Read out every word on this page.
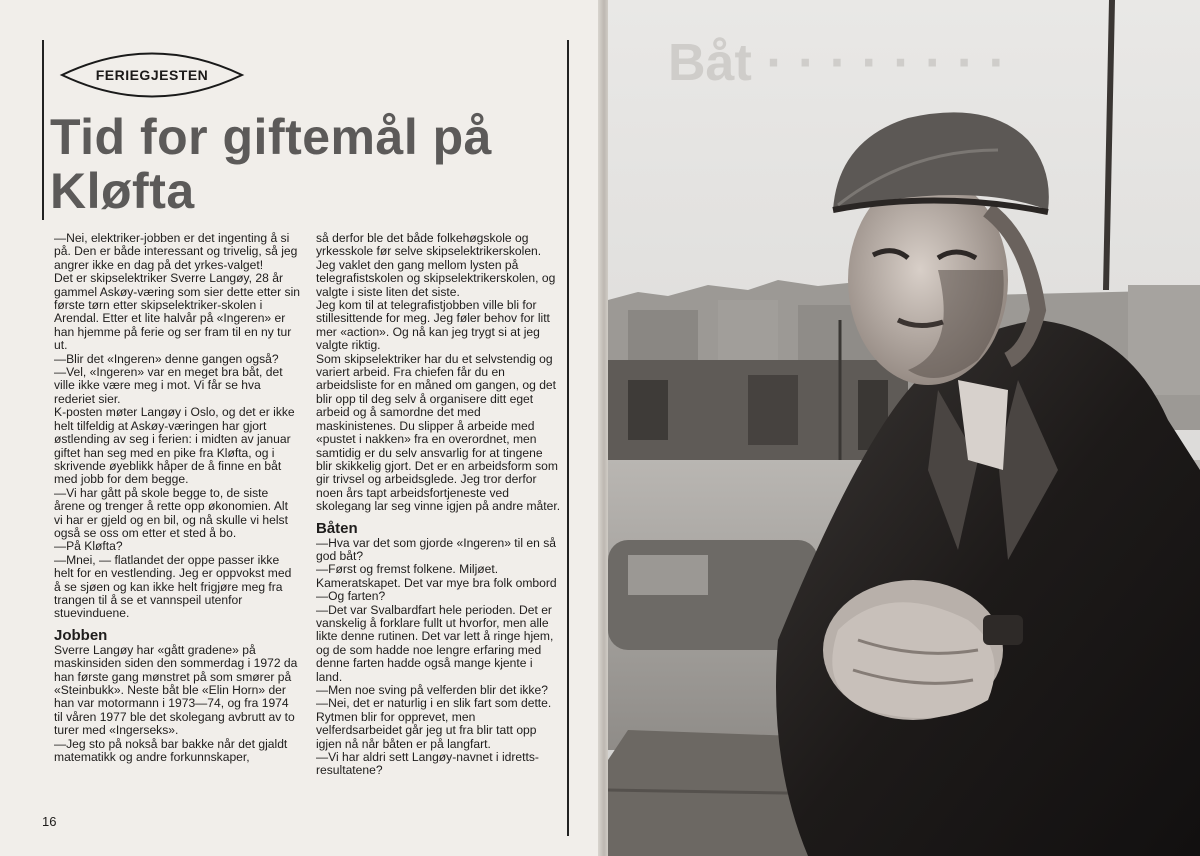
FERIEGJESTEN
Tid for giftemål på Kløfta

—Nei, elektriker-jobben er det ingenting å si på. Den er både interessant og trivelig, så jeg angrer ikke en dag på det yrkes-valget!

Det er skipselektriker Sverre Langøy, 28 år gammel Askøy-væring som sier dette etter sin første tørn etter skipselektriker-skolen i Arendal. Etter et lite halvår på «Ingeren» er han hjemme på ferie og ser fram til en ny tur ut.

—Blir det «Ingeren» denne gangen også?

—Vel, «Ingeren» var en meget bra båt, det ville ikke være meg i mot. Vi får se hva rederiet sier.

K-posten møter Langøy i Oslo, og det er ikke helt tilfeldig at Askøy-væringen har gjort østlending av seg i ferien: i midten av januar giftet han seg med en pike fra Kløfta, og i skrivende øyeblikk håper de å finne en båt med jobb for dem begge.

—Vi har gått på skole begge to, de siste årene og trenger å rette opp økonomien. Alt vi har er gjeld og en bil, og nå skulle vi helst også se oss om etter et sted å bo.

—På Kløfta?

—Mnei, — flatlandet der oppe passer ikke helt for en vestlending. Jeg er oppvokst med å se sjøen og kan ikke helt frigjøre meg fra trangen til å se et vannspeil utenfor stuevinduene.

Jobben

Sverre Langøy har «gått gradene» på maskinsiden siden den sommerdag i 1972 da han første gang mønstret på som smører på «Steinbukk». Neste båt ble «Elin Horn» der han var motormann i 1973—74, og fra 1974 til våren 1977 ble det skolegang avbrutt av to turer med «Ingerseks».

—Jeg sto på nokså bar bakke når det gjaldt matematikk og andre forkunnskaper,

så derfor ble det både folkehøgskole og yrkesskole før selve skipselektrikerskolen. Jeg vaklet den gang mellom lysten på telegrafistskolen og skipselektrikerskolen, og valgte i siste liten det siste.

Jeg kom til at telegrafistjobben ville bli for stillesittende for meg. Jeg føler behov for litt mer «action». Og nå kan jeg trygt si at jeg valgte riktig.

Som skipselektriker har du et selvstendig og variert arbeid. Fra chiefen får du en arbeidsliste for en måned om gangen, og det blir opp til deg selv å organisere ditt eget arbeid og å samordne det med maskinistenes. Du slipper å arbeide med «pustet i nakken» fra en overordnet, men samtidig er du selv ansvarlig for at tingene blir skikkelig gjort. Det er en arbeidsform som gir trivsel og arbeidsglede. Jeg tror derfor noen års tapt arbeidsfortjeneste ved skolegang lar seg vinne igjen på andre måter.

Båten

—Hva var det som gjorde «Ingeren» til en så god båt?

—Først og fremst folkene. Miljøet. Kameratskapet. Det var mye bra folk ombord

—Og farten?

—Det var Svalbardfart hele perioden. Det er vanskelig å forklare fullt ut hvorfor, men alle likte denne rutinen. Det var lett å ringe hjem, og de som hadde noe lengre erfaring med denne farten hadde også mange kjente i land.

—Men noe sving på velferden blir det ikke?

—Nei, det er naturlig i en slik fart som dette. Rytmen blir for opprevet, men velferdsarbeidet går jeg ut fra blir tatt opp igjen nå når båten er på langfart.

—Vi har aldri sett Langøy-navnet i idretts-resultatene?

16
Båt · · · · · · · ·
